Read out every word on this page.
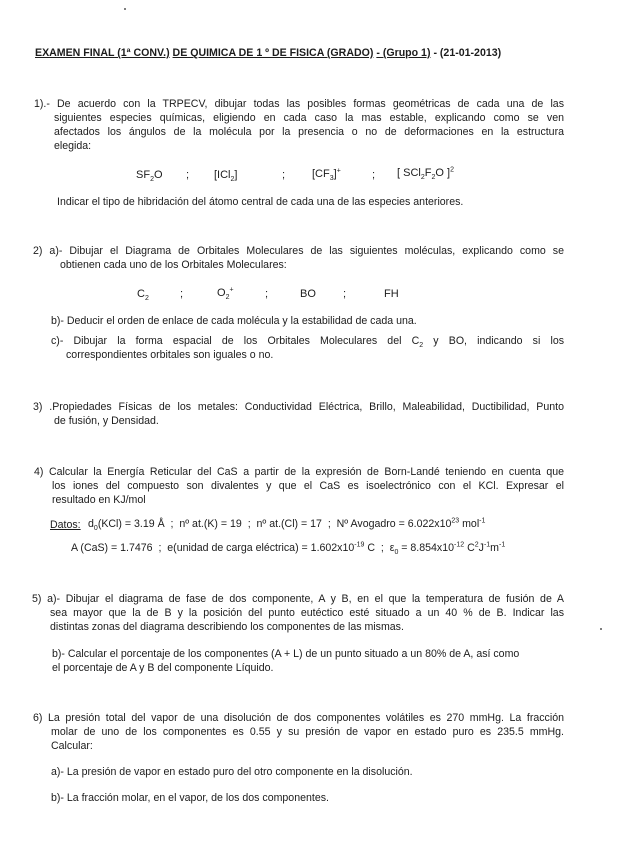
EXAMEN FINAL (1ª CONV.) DE QUIMICA DE 1 º DE FISICA (GRADO) - (Grupo 1) - (21-01-2013)
1).- De acuerdo con la TRPECV, dibujar todas las posibles formas geométricas de cada una de las
siguientes especies químicas, eligiendo en cada caso la mas estable, explicando como se ven
afectados los ángulos de la molécula por la presencia o no de deformaciones en la estructura
elegida:
$SF_2O$ ; [ICl$_2$]	; $[CF_3]^+$	; [ $SCl_2F_2O$ ]$^2$
Indicar el tipo de hibridación del átomo central de cada una de las especies anteriores.
2) a)- Dibujar el Diagrama de Orbitales Moleculares de las siguientes moléculas, explicando como se
obtienen cada uno de los Orbitales Moleculares:
$C_2$	;	$O_2^+$	;	BO ;	FH
b)- Deducir el orden de enlace de cada molécula y la estabilidad de cada una.
c)- Dibujar la forma espacial de los Orbitales Moleculares del $C_2$ y BO, indicando si los
correspondientes orbitales son iguales o no.
3) .Propiedades Físicas de los metales: Conductividad Eléctrica, Brillo, Maleabilidad, Ductibilidad, Punto
de fusión, y Densidad.
4) Calcular la Energía Reticular del CaS a partir de la expresión de Born-Landé teniendo en cuenta que
los iones del compuesto son divalentes y que el CaS es isoelectrónico con el KCl. Expresar el
resultado en KJ/mol
Datos: $d_0(KCl) = 3.19$ Å  ;  nº at.(K) = 19  ;  nº at.(Cl) = 17  ;  Nº Avogadro = $6.022x10^{23}$ mol$^{-1}$
A (CaS) = 1.7476  ;  e(unidad de carga eléctrica) = $1.602x10^{-19}$ C  ;  $\varepsilon_0 = 8.854x10^{-12}$ $C^2J^{-1}m^{-1}$
5) a)- Dibujar el diagrama de fase de dos componente, A y B, en el que la temperatura de fusión de A
sea mayor que la de B y la posición del punto eutéctico esté situado a un 40 % de B. Indicar las
distintas zonas del diagrama describiendo los componentes de las mismas.
b)- Calcular el porcentaje de los componentes (A + L) de un punto situado a un 80% de A, así como
el porcentaje de A y B del componente Líquido.
6) La presión total del vapor de una disolución de dos componentes volátiles es 270 mmHg. La fracción
molar de uno de los componentes es 0.55 y su presión de vapor en estado puro es 235.5 mmHg.
Calcular:
a)- La presión de vapor en estado puro del otro componente en la disolución.
b)- La fracción molar, en el vapor, de los dos componentes.
